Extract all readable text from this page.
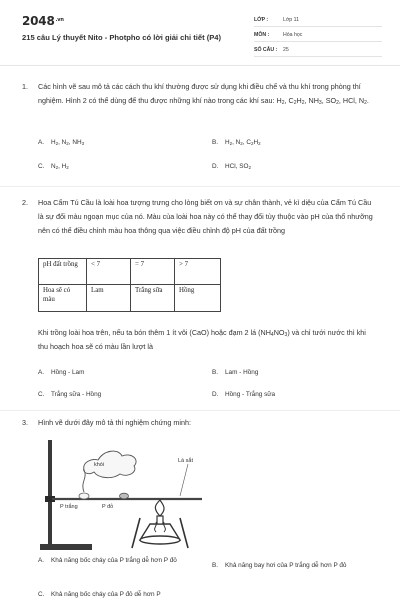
$2048^{.vn}$
215 câu Lý thuyết Nito - Photpho có lời giải chi tiết (P4)
LỚP :	Lớp 11
MÔN :	Hóa học
SỐ CÂU : 25
1. Các hình vẽ sau mô tả các cách thu khí thường được sử dụng khi điều chế và thu khí trong phòng thí nghiệm. Hình 2 có thể dùng để thu được những khí nào trong các khí sau: $H_2$, $C_2H_2$, $NH_3$, $SO_2$, HCl, $N_2$.
A. $H_2$, $N_2$, $NH_3$	B. $H_2$, $N_2$, $C_2H_2$
C. $N_2$, $H_2$	D. HCl, $SO_2$
2. Hoa Cẩm Tú Cầu là loài hoa tượng trưng cho lòng biết ơn và sự chân thành, vẻ kì diệu của Cẩm Tú Cầu là sự đổi màu ngoạn mục của nó. Màu của loài hoa này có thể thay đổi tùy thuộc vào pH của thổ nhưỡng nên có thể điều chỉnh màu hoa thông qua việc điều chỉnh độ pH của đất trồng
pH đất trồng	< 7	= 7	> 7
Hoa sẽ có màu	Lam	Trắng sữa	Hồng
Khi trồng loài hoa trên, nếu ta bón thêm 1 ít vôi (CaO) hoặc đạm 2 lá $(NH_4NO_3)$ và chỉ tưới nước thì khi thu hoạch hoa sẽ có màu lần lượt là
A. Hồng - Lam	B. Lam - Hồng
C. Trắng sữa - Hồng	D. Hồng - Trắng sữa
3. Hình vẽ dưới đây mô tả thí nghiệm chứng minh:
khói
Lá sắt
P trắng	P đỏ
A. Khả năng bốc cháy của P trắng dễ hơn P đỏ
B. Khả năng bay hơi của P trắng dễ hơn P đỏ
C. Khả năng bốc cháy của P đỏ dễ hơn P
